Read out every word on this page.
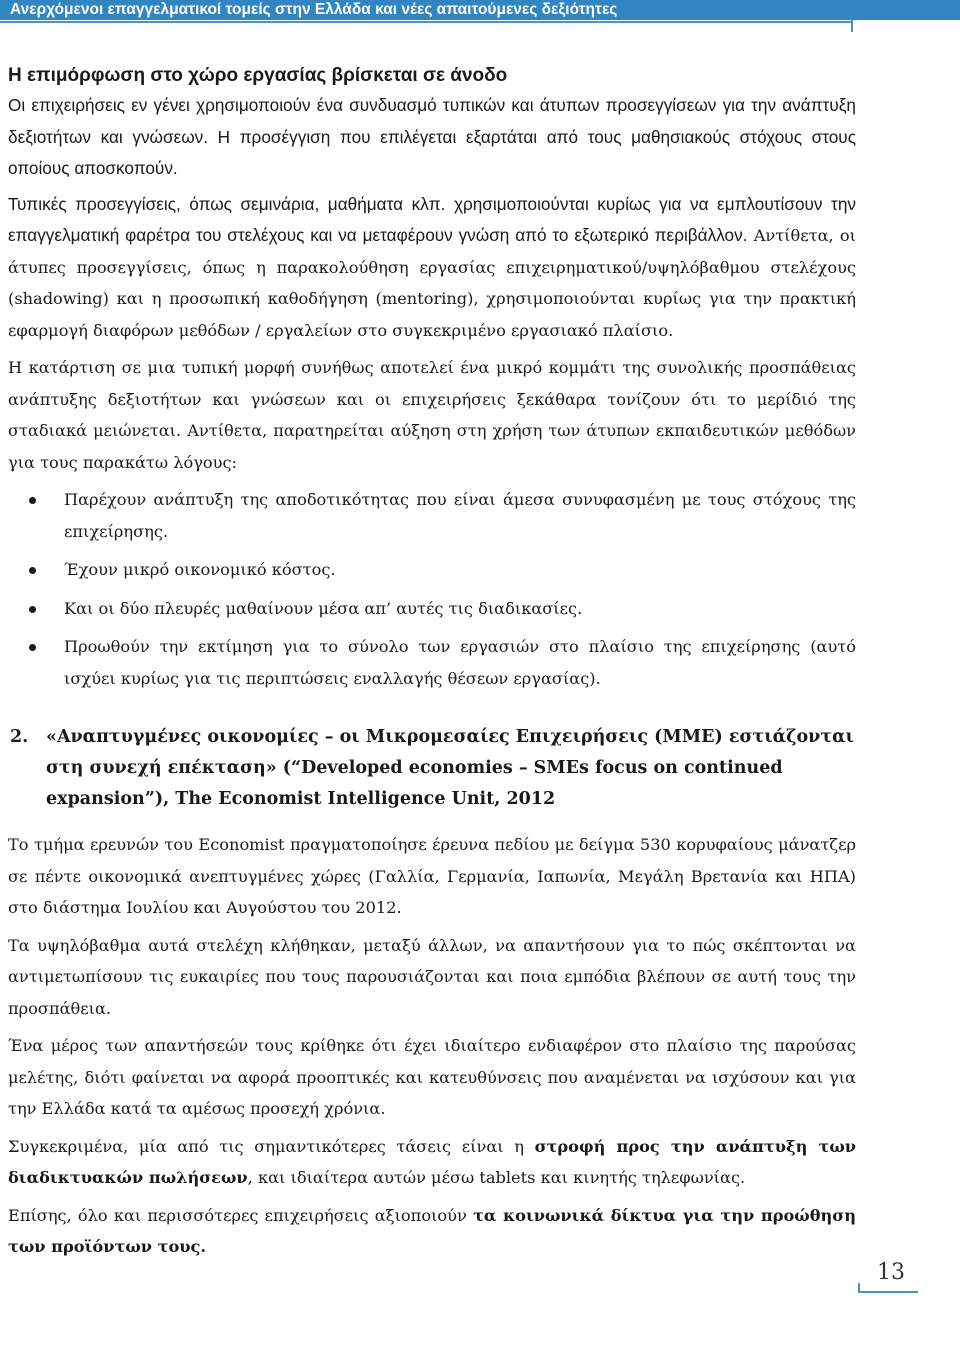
Ανερχόμενοι επαγγελματικοί τομείς στην Ελλάδα και νέες απαιτούμενες δεξιότητες
Η επιμόρφωση στο χώρο εργασίας βρίσκεται σε άνοδο

Οι επιχειρήσεις εν γένει χρησιμοποιούν ένα συνδυασμό τυπικών και άτυπων προσεγγίσεων για την ανάπτυξη δεξιοτήτων και γνώσεων. Η προσέγγιση που επιλέγεται εξαρτάται από τους μαθησιακούς στόχους στους οποίους αποσκοπούν.

Τυπικές προσεγγίσεις, όπως σεμινάρια, μαθήματα κλπ. χρησιμοποιούνται κυρίως για να εμπλουτίσουν την επαγγελματική φαρέτρα του στελέχους και να μεταφέρουν γνώση από το εξωτερικό περιβάλλον. Αντίθετα, οι άτυπες προσεγγίσεις, όπως η παρακολούθηση εργασίας επιχειρηματικού/υψηλόβαθμου στελέχους (shadowing) και η προσωπική καθοδήγηση (mentoring), χρησιμοποιούνται κυρίως για την πρακτική εφαρμογή διαφόρων μεθόδων / εργαλείων στο συγκεκριμένο εργασιακό πλαίσιο.

Η κατάρτιση σε μια τυπική μορφή συνήθως αποτελεί ένα μικρό κομμάτι της συνολικής προσπάθειας ανάπτυξης δεξιοτήτων και γνώσεων και οι επιχειρήσεις ξεκάθαρα τονίζουν ότι το μερίδιό της σταδιακά μειώνεται. Αντίθετα, παρατηρείται αύξηση στη χρήση των άτυπων εκπαιδευτικών μεθόδων για τους παρακάτω λόγους:

Παρέχουν ανάπτυξη της αποδοτικότητας που είναι άμεσα συνυφασμένη με τους στόχους της επιχείρησης.
Έχουν μικρό οικονομικό κόστος.
Και οι δύο πλευρές μαθαίνουν μέσα απ’ αυτές τις διαδικασίες.
Προωθούν την εκτίμηση για το σύνολο των εργασιών στο πλαίσιο της επιχείρησης (αυτό ισχύει κυρίως για τις περιπτώσεις εναλλαγής θέσεων εργασίας).
2. «Αναπτυγμένες οικονομίες – οι Μικρομεσαίες Επιχειρήσεις (ΜΜΕ) εστιάζονται στη συνεχή επέκταση» (“Developed economies – SMEs focus on continued expansion”), The Economist Intelligence Unit, 2012

Το τμήμα ερευνών του Economist πραγματοποίησε έρευνα πεδίου με δείγμα 530 κορυφαίους μάνατζερ σε πέντε οικονομικά ανεπτυγμένες χώρες (Γαλλία, Γερμανία, Ιαπωνία, Μεγάλη Βρετανία και ΗΠΑ) στο διάστημα Ιουλίου και Αυγούστου του 2012.

Τα υψηλόβαθμα αυτά στελέχη κλήθηκαν, μεταξύ άλλων, να απαντήσουν για το πώς σκέπτονται να αντιμετωπίσουν τις ευκαιρίες που τους παρουσιάζονται και ποια εμπόδια βλέπουν σε αυτή τους την προσπάθεια.

Ένα μέρος των απαντήσεών τους κρίθηκε ότι έχει ιδιαίτερο ενδιαφέρον στο πλαίσιο της παρούσας μελέτης, διότι φαίνεται να αφορά προοπτικές και κατευθύνσεις που αναμένεται να ισχύσουν και για την Ελλάδα κατά τα αμέσως προσεχή χρόνια.

Συγκεκριμένα, μία από τις σημαντικότερες τάσεις είναι η στροφή προς την ανάπτυξη των διαδικτυακών πωλήσεων, και ιδιαίτερα αυτών μέσω tablets και κινητής τηλεφωνίας.

Επίσης, όλο και περισσότερες επιχειρήσεις αξιοποιούν τα κοινωνικά δίκτυα για την προώθηση των προϊόντων τους.

13
